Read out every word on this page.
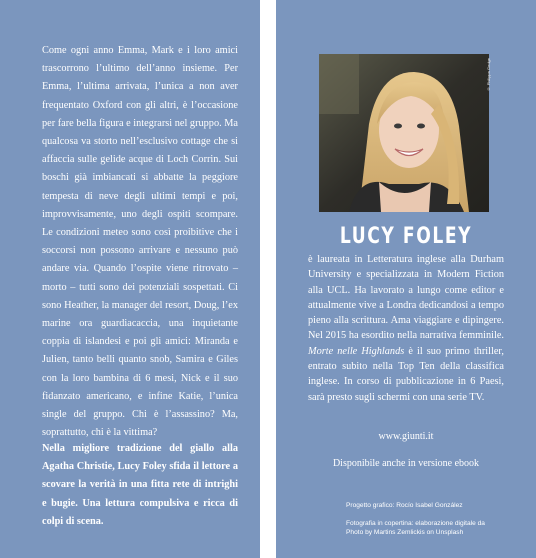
Come ogni anno Emma, Mark e i loro amici trascorrono l’ultimo dell’anno insieme. Per Emma, l’ultima arrivata, l’unica a non aver frequentato Oxford con gli altri, è l’occasione per fare bella figura e integrarsi nel gruppo. Ma qualcosa va storto nell’esclusivo cottage che si affaccia sulle gelide acque di Loch Corrin. Sui boschi già imbiancati si abbatte la peggiore tempesta di neve degli ultimi tempi e poi, improvvisamente, uno degli ospiti scompare. Le condizioni meteo sono così proibitive che i soccorsi non possono arrivare e nessuno può andare via. Quando l’ospite viene ritrovato – morto – tutti sono dei potenziali sospettati. Ci sono Heather, la manager del resort, Doug, l’ex marine ora guardiacaccia, una inquietante coppia di islandesi e poi gli amici: Miranda e Julien, tanto belli quanto snob, Samira e Giles con la loro bambina di 6 mesi, Nick e il suo fidanzato americano, e infine Katie, l’unica single del gruppo. Chi è l’assassino? Ma, soprattutto, chi è la vittima?

Nella migliore tradizione del giallo alla Agatha Christie, Lucy Foley sfida il lettore a scovare la verità in una fitta rete di intrighi e bugie. Una lettura compulsiva e ricca di colpi di scena.

© Philippa Gedge
LUCY FOLEY

è laureata in Letteratura inglese alla Durham University e specializzata in Modern Fiction alla UCL. Ha lavorato a lungo come editor e attualmente vive a Londra dedicandosi a tempo pieno alla scrittura. Ama viaggiare e dipingere. Nel 2015 ha esordito nella narrativa femminile. Morte nelle Highlands è il suo primo thriller, entrato subito nella Top Ten della classifica inglese. In corso di pubblicazione in 6 Paesi, sarà presto sugli schermi con una serie TV.

www.giunti.it
Disponibile anche in versione ebook
Progetto grafico: Rocío Isabel González
Fotografia in copertina: elaborazione digitale da
Photo by Martins Zemlickis on Unsplash
